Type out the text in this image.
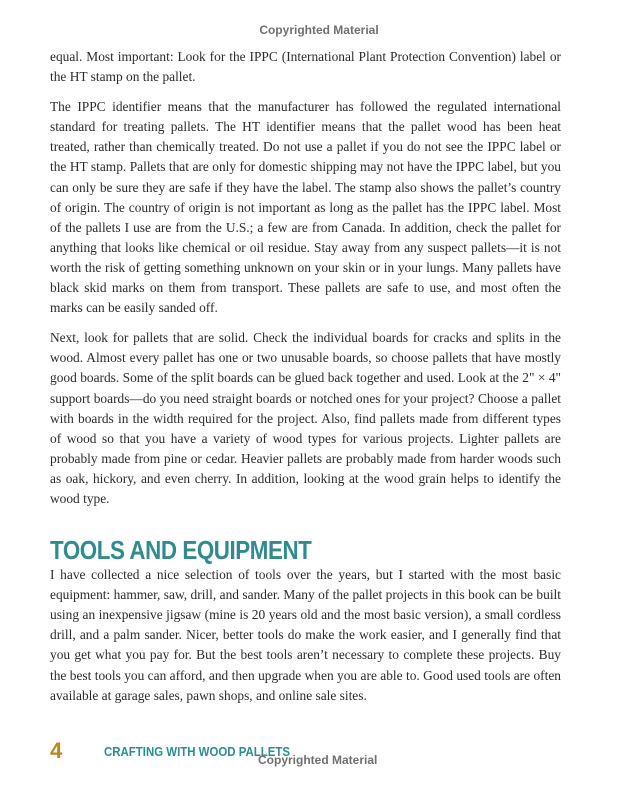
Copyrighted Material

equal. Most important: Look for the IPPC (International Plant Protection Convention) label or the HT stamp on the pallet.

The IPPC identifier means that the manufacturer has followed the regulated international standard for treating pallets. The HT identifier means that the pallet wood has been heat treated, rather than chemically treated. Do not use a pallet if you do not see the IPPC label or the HT stamp. Pallets that are only for domestic shipping may not have the IPPC label, but you can only be sure they are safe if they have the label. The stamp also shows the pallet’s country of origin. The country of origin is not important as long as the pallet has the IPPC label. Most of the pallets I use are from the U.S.; a few are from Canada. In addition, check the pallet for anything that looks like chemical or oil residue. Stay away from any suspect pallets—it is not worth the risk of getting something unknown on your skin or in your lungs. Many pallets have black skid marks on them from transport. These pallets are safe to use, and most often the marks can be easily sanded off.

Next, look for pallets that are solid. Check the individual boards for cracks and splits in the wood. Almost every pallet has one or two unusable boards, so choose pallets that have mostly good boards. Some of the split boards can be glued back together and used. Look at the 2" × 4" support boards—do you need straight boards or notched ones for your project? Choose a pallet with boards in the width required for the project. Also, find pallets made from different types of wood so that you have a variety of wood types for various projects. Lighter pallets are probably made from pine or cedar. Heavier pallets are probably made from harder woods such as oak, hickory, and even cherry. In addition, looking at the wood grain helps to identify the wood type.

TOOLS AND EQUIPMENT

I have collected a nice selection of tools over the years, but I started with the most basic equipment: hammer, saw, drill, and sander. Many of the pallet projects in this book can be built using an inexpensive jigsaw (mine is 20 years old and the most basic version), a small cordless drill, and a palm sander. Nicer, better tools do make the work easier, and I generally find that you get what you pay for. But the best tools aren’t necessary to complete these projects. Buy the best tools you can afford, and then upgrade when you are able to. Good used tools are often available at garage sales, pawn shops, and online sale sites.

4	CRAFTING WITH WOOD PALLETS
Copyrighted Material
